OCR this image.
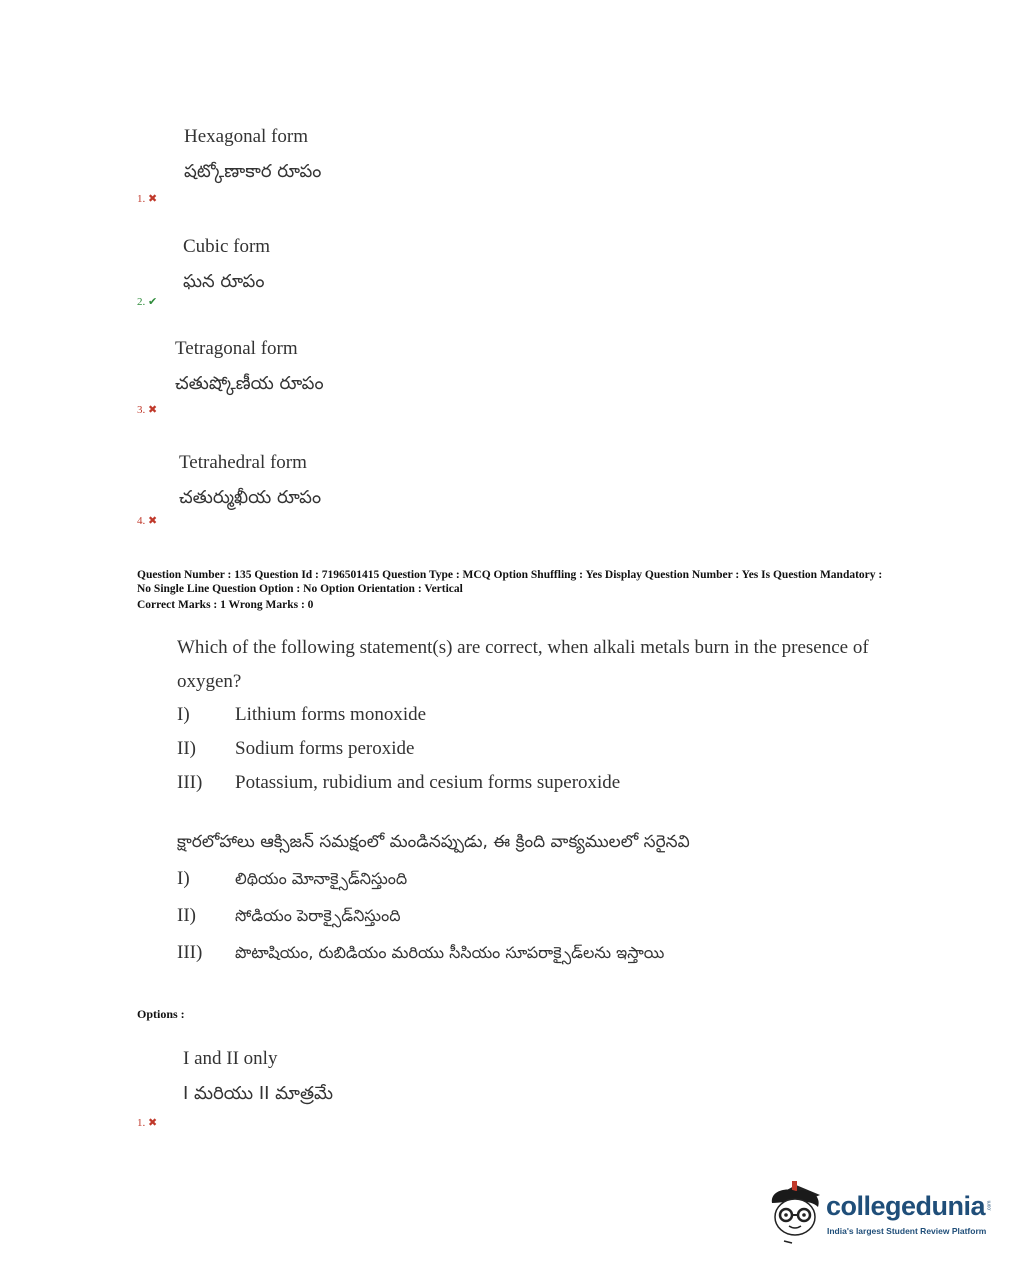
Hexagonal form
షట్కోణాకార రూపం
1. ✖
Cubic form
ఘన రూపం
2. ✔
Tetragonal form
చతుష్కోణీయ రూపం
3. ✖
Tetrahedral form
చతుర్ముఖీయ రూపం
4. ✖
Question Number : 135 Question Id : 7196501415 Question Type : MCQ Option Shuffling : Yes Display Question Number : Yes Is Question Mandatory : No Single Line Question Option : No Option Orientation : Vertical
Correct Marks : 1 Wrong Marks : 0
Which of the following statement(s) are correct, when alkali metals burn in the presence of oxygen?
I) Lithium forms monoxide
II) Sodium forms peroxide
III) Potassium, rubidium and cesium forms superoxide
క్షారలోహాలు ఆక్సిజన్ సమక్షంలో మండినప్పుడు, ఈ క్రింది వాక్యములలో సరైనవి
I)	లిథియం మోనాక్సైడ్‌నిస్తుంది
II) సోడియం పెరాక్సైడ్‌నిస్తుంది
III) పొటాషియం, రుబిడియం మరియు సీసియం సూపరాక్సైడ్‌లను ఇస్తాయి
Options :
I and II only
I మరియు II మాత్రమే
1. ✖
collegedunia .com
India's largest Student Review Platform
